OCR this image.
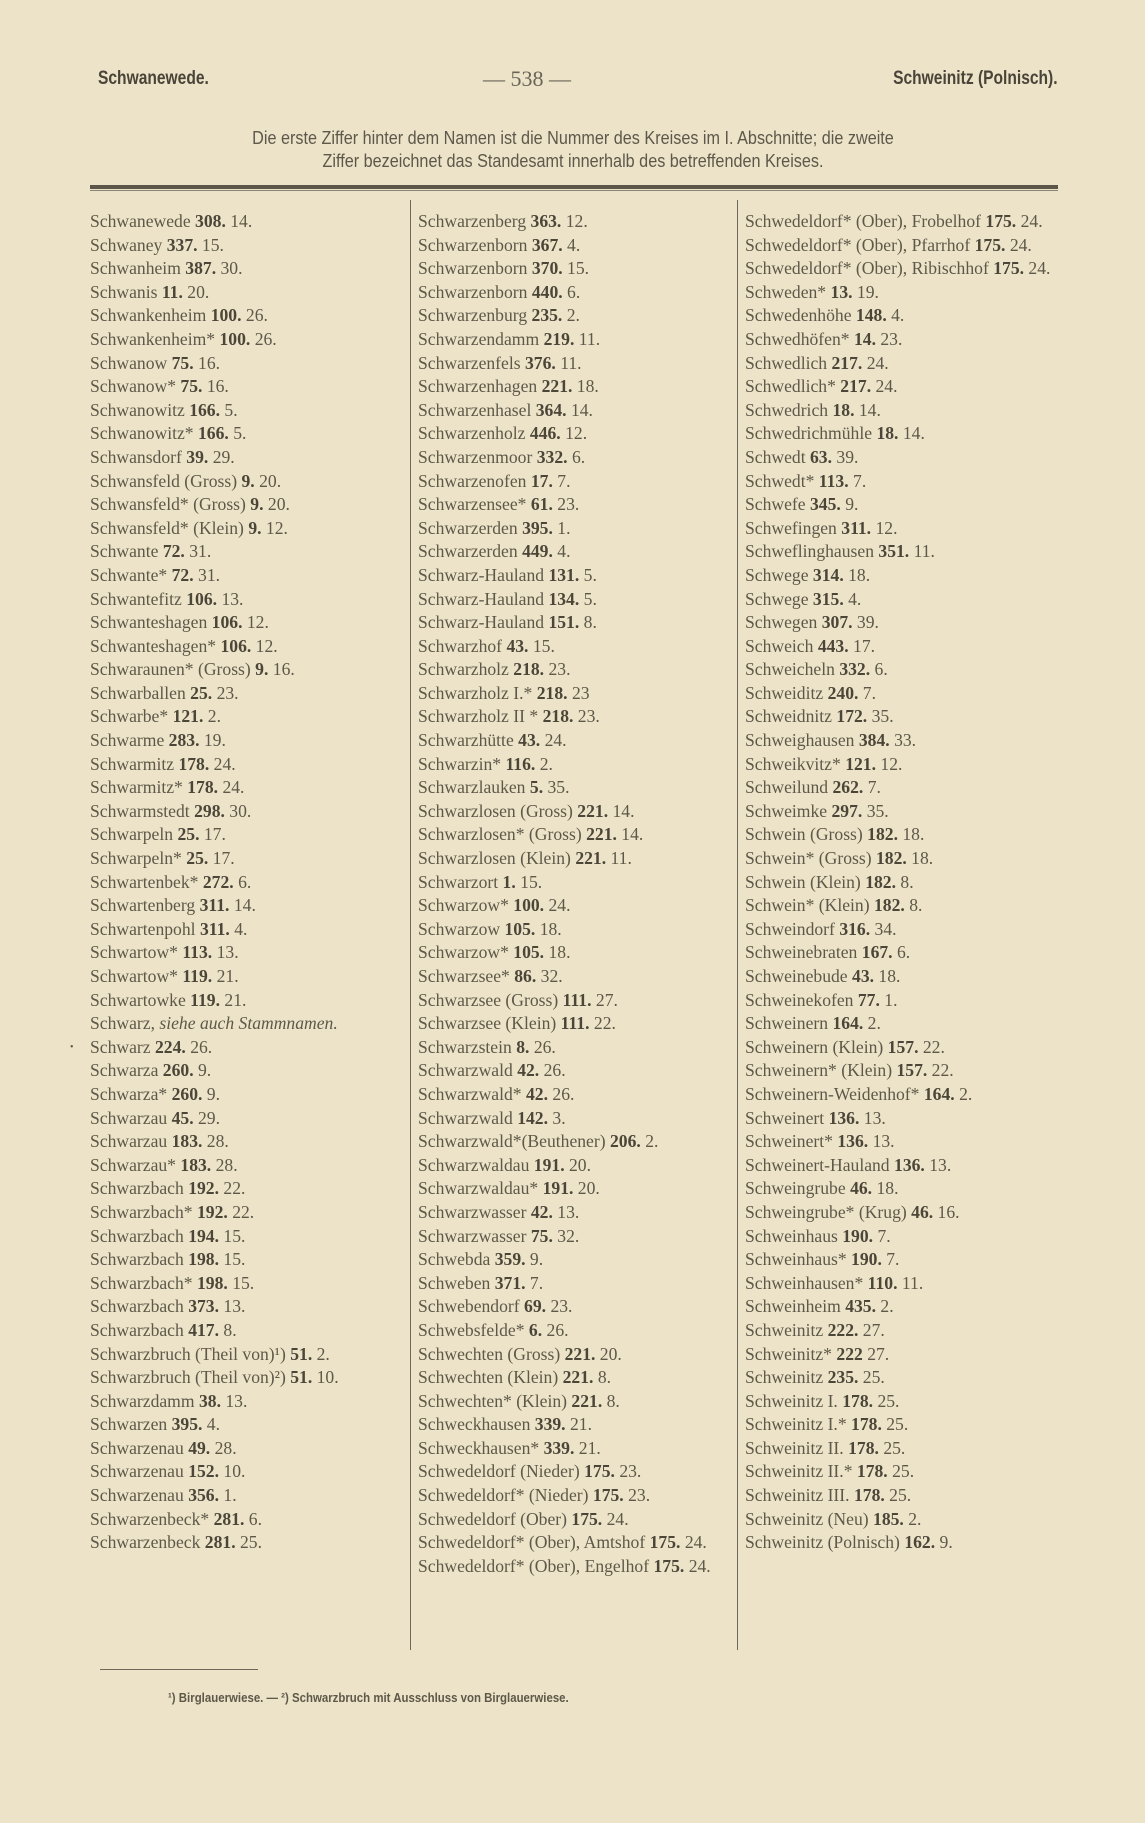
Schwanewede.	— 538 —	Schweinitz (Polnisch).
Die erste Ziffer hinter dem Namen ist die Nummer des Kreises im I. Abschnitte; die zweite
Ziffer bezeichnet das Standesamt innerhalb des betreffenden Kreises.
Schwanewede 308. 14.
Schwaney 337. 15.
Schwanheim 387. 30.
Schwanis 11. 20.
Schwankenheim 100. 26.
Schwankenheim* 100. 26.
Schwanow 75. 16.
Schwanow* 75. 16.
Schwanowitz 166. 5.
Schwanowitz* 166. 5.
Schwansdorf 39. 29.
Schwansfeld (Gross) 9. 20.
Schwansfeld* (Gross) 9. 20.
Schwansfeld* (Klein) 9. 12.
Schwante 72. 31.
Schwante* 72. 31.
Schwantefitz 106. 13.
Schwanteshagen 106. 12.
Schwanteshagen* 106. 12.
Schwaraunen* (Gross) 9. 16.
Schwarballen 25. 23.
Schwarbe* 121. 2.
Schwarme 283. 19.
Schwarmitz 178. 24.
Schwarmitz* 178. 24.
Schwarmstedt 298. 30.
Schwarpeln 25. 17.
Schwarpeln* 25. 17.
Schwartenbek* 272. 6.
Schwartenberg 311. 14.
Schwartenpohl 311. 4.
Schwartow* 113. 13.
Schwartow* 119. 21.
Schwartowke 119. 21.
Schwarz, siehe auch Stammnamen.
• Schwarz 224. 26.
Schwarza 260. 9.
Schwarza* 260. 9.
Schwarzau 45. 29.
Schwarzau 183. 28.
Schwarzau* 183. 28.
Schwarzbach 192. 22.
Schwarzbach* 192. 22.
Schwarzbach 194. 15.
Schwarzbach 198. 15.
Schwarzbach* 198. 15.
Schwarzbach 373. 13.
Schwarzbach 417. 8.
Schwarzbruch (Theil von)¹) 51. 2.
Schwarzbruch (Theil von)²) 51. 10.
Schwarzdamm 38. 13.
Schwarzen 395. 4.
Schwarzenau 49. 28.
Schwarzenau 152. 10.
Schwarzenau 356. 1.
Schwarzenbeck* 281. 6.
Schwarzenbeck 281. 25.
Schwarzenberg 363. 12.
Schwarzenborn 367. 4.
Schwarzenborn 370. 15.
Schwarzenborn 440. 6.
Schwarzenburg 235. 2.
Schwarzendamm 219. 11.
Schwarzenfels 376. 11.
Schwarzenhagen 221. 18.
Schwarzenhasel 364. 14.
Schwarzenholz 446. 12.
Schwarzenmoor 332. 6.
Schwarzenofen 17. 7.
Schwarzensee* 61. 23.
Schwarzerden 395. 1.
Schwarzerden 449. 4.
Schwarz-Hauland 131. 5.
Schwarz-Hauland 134. 5.
Schwarz-Hauland 151. 8.
Schwarzhof 43. 15.
Schwarzholz 218. 23.
Schwarzholz I.* 218. 23
Schwarzholz II * 218. 23.
Schwarzhütte 43. 24.
Schwarzin* 116. 2.
Schwarzlauken 5. 35.
Schwarzlosen (Gross) 221. 14.
Schwarzlosen* (Gross) 221. 14.
Schwarzlosen (Klein) 221. 11.
Schwarzort 1. 15.
Schwarzow* 100. 24.
Schwarzow 105. 18.
Schwarzow* 105. 18.
Schwarzsee* 86. 32.
Schwarzsee (Gross) 111. 27.
Schwarzsee (Klein) 111. 22.
Schwarzstein 8. 26.
Schwarzwald 42. 26.
Schwarzwald* 42. 26.
Schwarzwald 142. 3.
Schwarzwald*(Beuthener) 206. 2.
Schwarzwaldau 191. 20.
Schwarzwaldau* 191. 20.
Schwarzwasser 42. 13.
Schwarzwasser 75. 32.
Schwebda 359. 9.
Schweben 371. 7.
Schwebendorf 69. 23.
Schwebsfelde* 6. 26.
Schwechten (Gross) 221. 20.
Schwechten (Klein) 221. 8.
Schwechten* (Klein) 221. 8.
Schweckhausen 339. 21.
Schweckhausen* 339. 21.
Schwedeldorf (Nieder) 175. 23.
Schwedeldorf* (Nieder) 175. 23.
Schwedeldorf (Ober) 175. 24.
Schwedeldorf* (Ober), Amtshof 175. 24.
Schwedeldorf* (Ober), Engelhof 175. 24.
Schwedeldorf* (Ober), Frobelhof 175. 24.
Schwedeldorf* (Ober), Pfarrhof 175. 24.
Schwedeldorf* (Ober), Ribischhof 175. 24.
Schweden* 13. 19.
Schwedenhöhe 148. 4.
Schwedhöfen* 14. 23.
Schwedlich 217. 24.
Schwedlich* 217. 24.
Schwedrich 18. 14.
Schwedrichmühle 18. 14.
Schwedt 63. 39.
Schwedt* 113. 7.
Schwefe 345. 9.
Schwefingen 311. 12.
Schweflinghausen 351. 11.
Schwege 314. 18.
Schwege 315. 4.
Schwegen 307. 39.
Schweich 443. 17.
Schweicheln 332. 6.
Schweiditz 240. 7.
Schweidnitz 172. 35.
Schweighausen 384. 33.
Schweikvitz* 121. 12.
Schweilund 262. 7.
Schweimke 297. 35.
Schwein (Gross) 182. 18.
Schwein* (Gross) 182. 18.
Schwein (Klein) 182. 8.
Schwein* (Klein) 182. 8.
Schweindorf 316. 34.
Schweinebraten 167. 6.
Schweinebude 43. 18.
Schweinekofen 77. 1.
Schweinern 164. 2.
Schweinern (Klein) 157. 22.
Schweinern* (Klein) 157. 22.
Schweinern-Weidenhof* 164. 2.
Schweinert 136. 13.
Schweinert* 136. 13.
Schweinert-Hauland 136. 13.
Schweingrube 46. 18.
Schweingrube* (Krug) 46. 16.
Schweinhaus 190. 7.
Schweinhaus* 190. 7.
Schweinhausen* 110. 11.
Schweinheim 435. 2.
Schweinitz 222. 27.
Schweinitz* 222 27.
Schweinitz 235. 25.
Schweinitz I. 178. 25.
Schweinitz I.* 178. 25.
Schweinitz II. 178. 25.
Schweinitz II.* 178. 25.
Schweinitz III. 178. 25.
Schweinitz (Neu) 185. 2.
Schweinitz (Polnisch) 162. 9.
¹) Birglauerwiese. — ²) Schwarzbruch mit Ausschluss von Birglauerwiese.
